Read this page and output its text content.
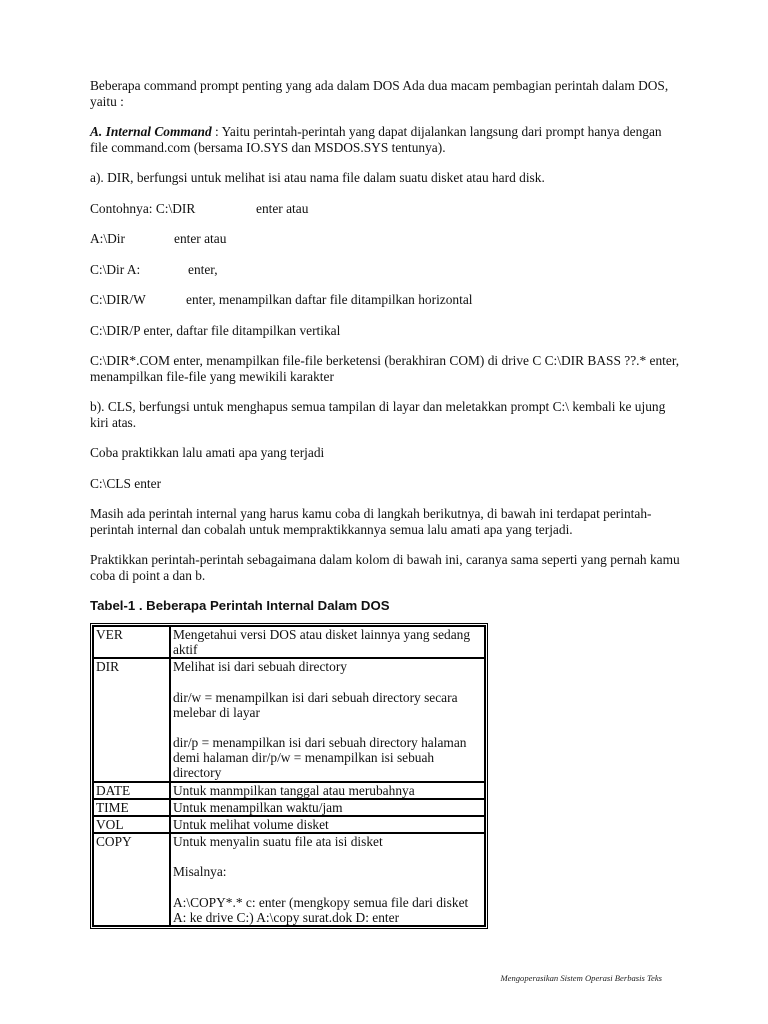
Beberapa command prompt penting yang ada dalam DOS Ada dua macam pembagian perintah dalam DOS, yaitu :

A. Internal Command : Yaitu perintah-perintah yang dapat dijalankan langsung dari prompt hanya dengan file command.com (bersama IO.SYS dan MSDOS.SYS tentunya).

a). DIR, berfungsi untuk melihat isi atau nama file dalam suatu disket atau hard disk.

Contohnya: C:\DIR	enter atau

A:\Dir	enter atau

C:\Dir A:	enter,

C:\DIR/W	enter, menampilkan daftar file ditampilkan horizontal

C:\DIR/P enter, daftar file ditampilkan vertikal

C:\DIR*.COM enter, menampilkan file-file berketensi (berakhiran COM) di drive C C:\DIR BASS ??.* enter, menampilkan file-file yang mewikili karakter

b). CLS, berfungsi untuk menghapus semua tampilan di layar dan meletakkan prompt C:\ kembali ke ujung kiri atas.

Coba praktikkan lalu amati apa yang terjadi

C:\CLS enter

Masih ada perintah internal yang harus kamu coba di langkah berikutnya, di bawah ini terdapat perintah-perintah internal dan cobalah untuk mempraktikkannya semua lalu amati apa yang terjadi.

Praktikkan perintah-perintah sebagaimana dalam kolom di bawah ini, caranya sama seperti yang pernah kamu coba di point a dan b.

Tabel-1 . Beberapa Perintah Internal Dalam DOS
VER	Mengetahui versi DOS atau disket lainnya yang sedang aktif

DIR	Melihat isi dari sebuah directory
dir/w = menampilkan isi dari sebuah directory secara melebar di layar
dir/p = menampilkan isi dari sebuah directory halaman demi halaman dir/p/w = menampilkan isi sebuah directory

DATE	Untuk manmpilkan tanggal atau merubahnya

TIME	Untuk menampilkan waktu/jam

VOL	Untuk melihat volume disket

COPY	Untuk menyalin suatu file ata isi disket
Misalnya:
A:\COPY*.* c: enter (mengkopy semua file dari disket A: ke drive C:) A:\copy surat.dok D: enter
Mengoperasikan Sistem Operasi Berbasis Teks
